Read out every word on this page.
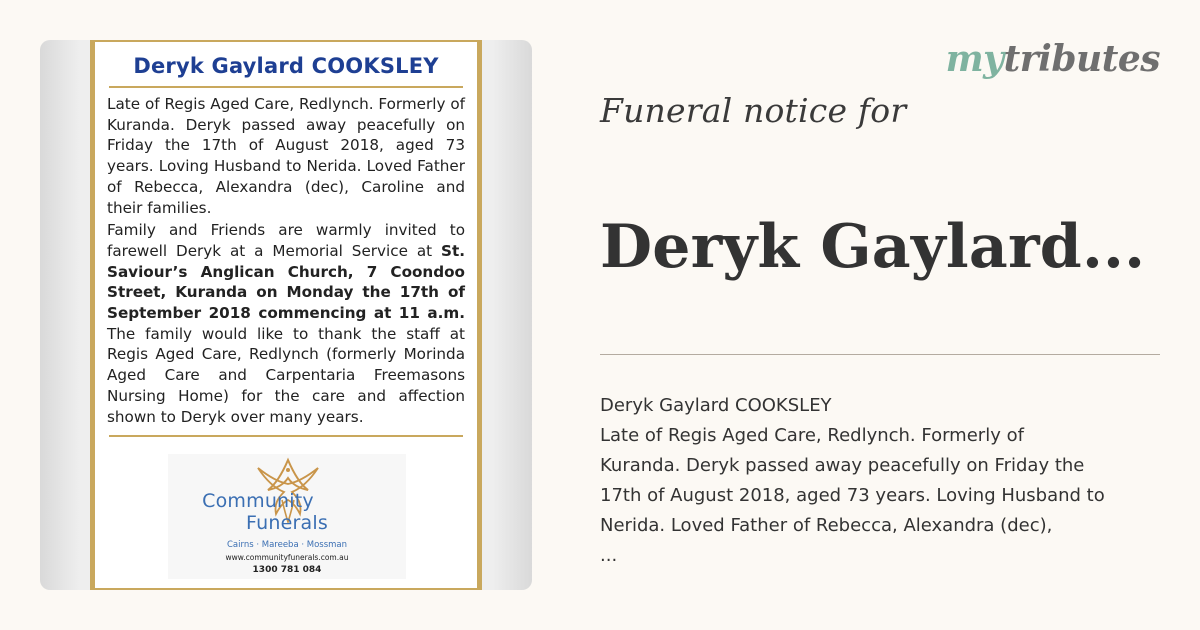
Deryk Gaylard COOKSLEY

Late of Regis Aged Care, Redlynch. Formerly of Kuranda. Deryk passed away peacefully on Friday the 17th of August 2018, aged 73 years. Loving Husband to Nerida. Loved Father of Rebecca, Alexandra (dec), Caroline and their families.

Family and Friends are warmly invited to farewell Deryk at a Memorial Service at St. Saviour’s Anglican Church, 7 Coondoo Street, Kuranda on Monday the 17th of September 2018 commencing at 11 a.m. The family would like to thank the staff at Regis Aged Care, Redlynch (formerly Morinda Aged Care and Carpentaria Freemasons Nursing Home) for the care and affection shown to Deryk over many years.

CommunityFunerals
Cairns · Mareeba · Mossman
www.communityfunerals.com.au
1300 781 084
mytributes
Funeral notice for
Deryk Gaylard...
Deryk Gaylard COOKSLEY
Late of Regis Aged Care, Redlynch. Formerly of
Kuranda. Deryk passed away peacefully on Friday the
17th of August 2018, aged 73 years. Loving Husband to
Nerida. Loved Father of Rebecca, Alexandra (dec),
...
